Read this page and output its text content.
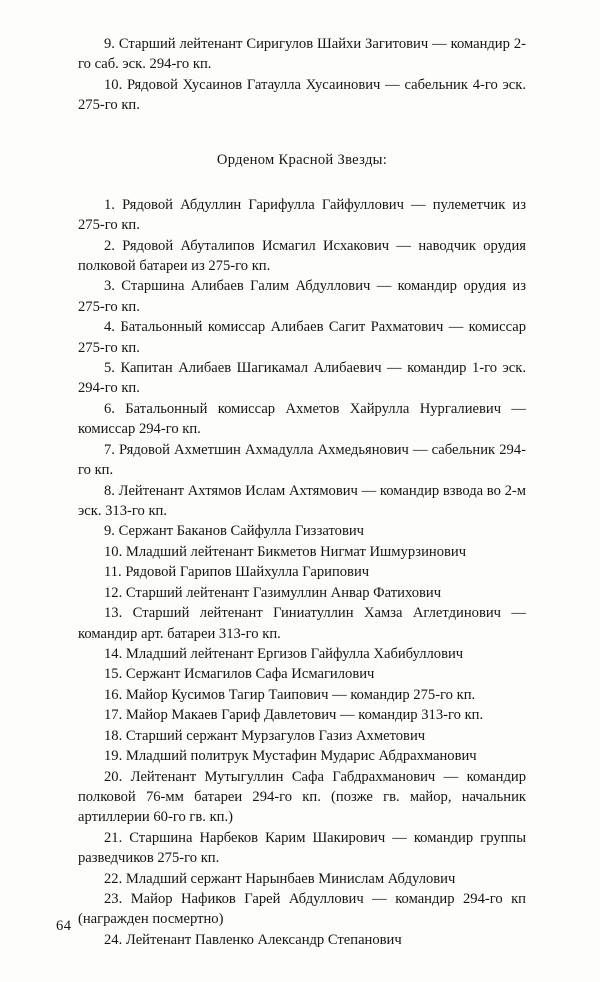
9. Старший лейтенант Сиригулов Шайхи Загитович — командир 2-го саб. эск. 294-го кп.

10. Рядовой Хусаинов Гатаулла Хусаинович — сабельник 4-го эск. 275-го кп.

Орденом Красной Звезды:

1. Рядовой Абдуллин Гарифулла Гайфуллович — пулеметчик из 275-го кп.

2. Рядовой Абуталипов Исмагил Исхакович — наводчик орудия полковой батареи из 275-го кп.

3. Старшина Алибаев Галим Абдуллович — командир орудия из 275-го кп.

4. Батальонный комиссар Алибаев Сагит Рахматович — комиссар 275-го кп.

5. Капитан Алибаев Шагикамал Алибаевич — командир 1-го эск. 294-го кп.

6. Батальонный комиссар Ахметов Хайрулла Нургалиевич — комиссар 294-го кп.

7. Рядовой Ахметшин Ахмадулла Ахмедьянович — сабельник 294-го кп.

8. Лейтенант Ахтямов Ислам Ахтямович — командир взвода во 2-м эск. 313-го кп.

9. Сержант Баканов Сайфулла Гиззатович

10. Младший лейтенант Бикметов Нигмат Ишмурзинович

11. Рядовой Гарипов Шайхулла Гарипович

12. Старший лейтенант Газимуллин Анвар Фатихович

13. Старший лейтенант Гиниатуллин Хамза Аглетдинович — командир арт. батареи 313-го кп.

14. Младший лейтенант Ергизов Гайфулла Хабибуллович

15. Сержант Исмагилов Сафа Исмагилович

16. Майор Кусимов Тагир Таипович — командир 275-го кп.

17. Майор Макаев Гариф Давлетович — командир 313-го кп.

18. Старший сержант Мурзагулов Газиз Ахметович

19. Младший политрук Мустафин Мударис Абдрахманович

20. Лейтенант Мутыгуллин Сафа Габдрахманович — командир полковой 76-мм батареи 294-го кп. (позже гв. майор, начальник артиллерии 60-го гв. кп.)

21. Старшина Нарбеков Карим Шакирович — командир группы разведчиков 275-го кп.

22. Младший сержант Нарынбаев Минислам Абдулович

23. Майор Нафиков Гарей Абдуллович — командир 294-го кп (награжден посмертно)

24. Лейтенант Павленко Александр Степанович

64
